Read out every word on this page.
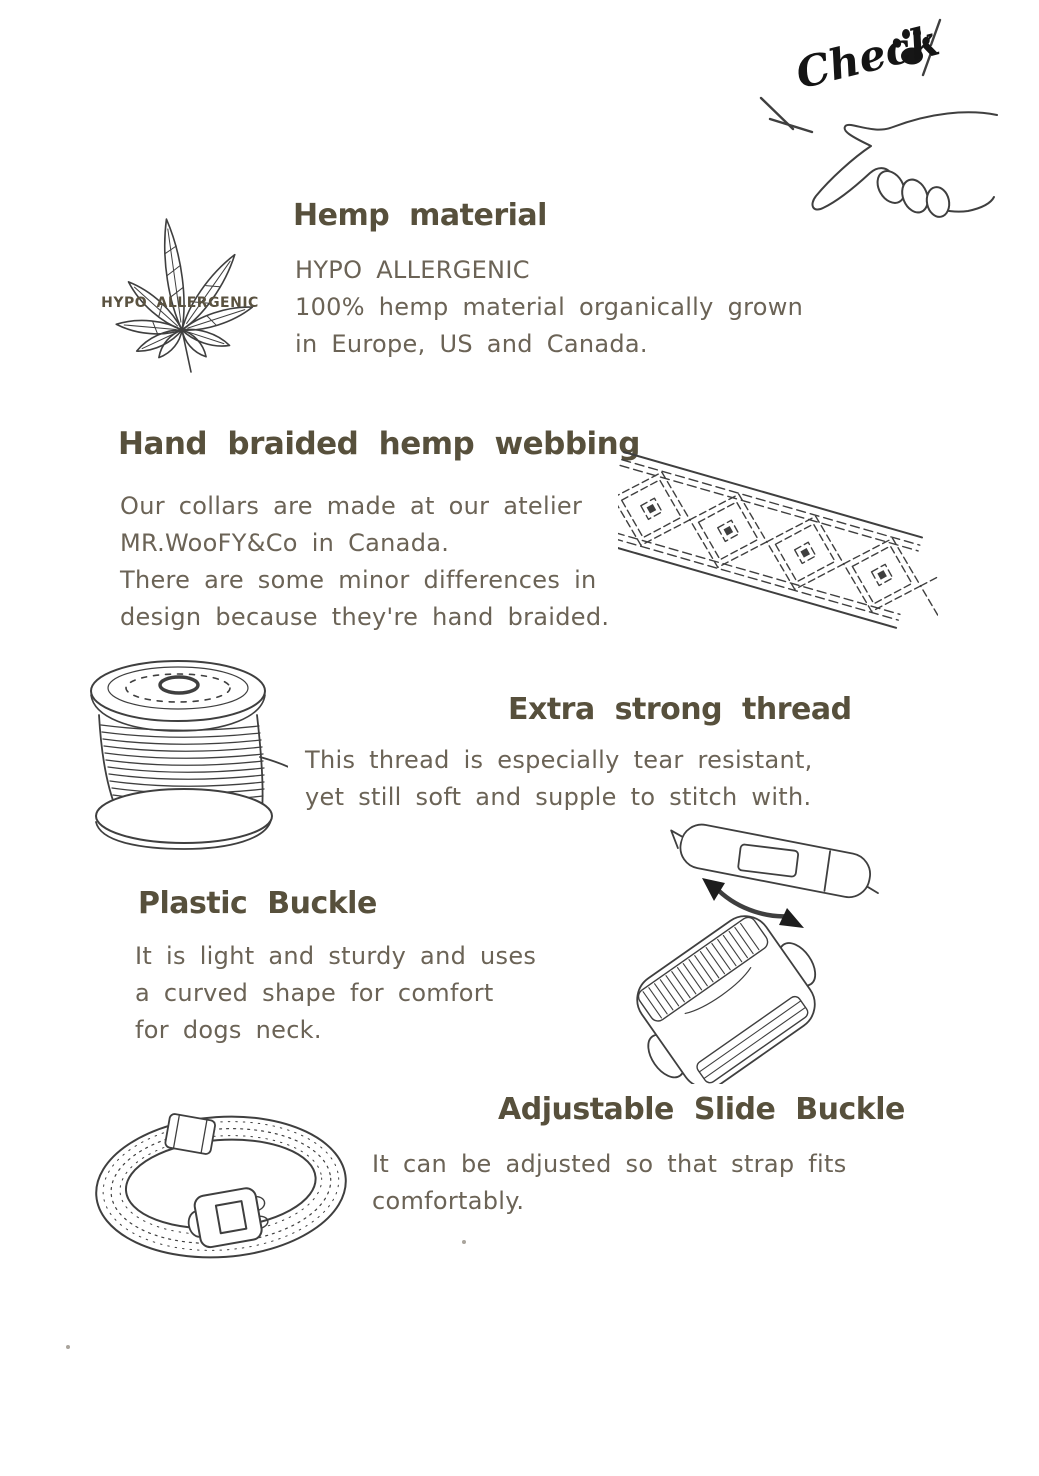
Check
HYPO ALLERGENIC
Hemp material
HYPO ALLERGENIC
100% hemp material organically grown
in Europe, US and Canada.
Hand braided hemp webbing
Our collars are made at our atelier
MR.WooFY&Co in Canada.
There are some minor differences in
design because they're hand braided.
Extra strong thread
This thread is especially tear resistant,
yet still soft and supple to stitch with.
Plastic Buckle
It is light and sturdy and uses
a curved shape for comfort
for dogs neck.
Adjustable Slide Buckle
It can be adjusted so that strap fits
comfortably.
